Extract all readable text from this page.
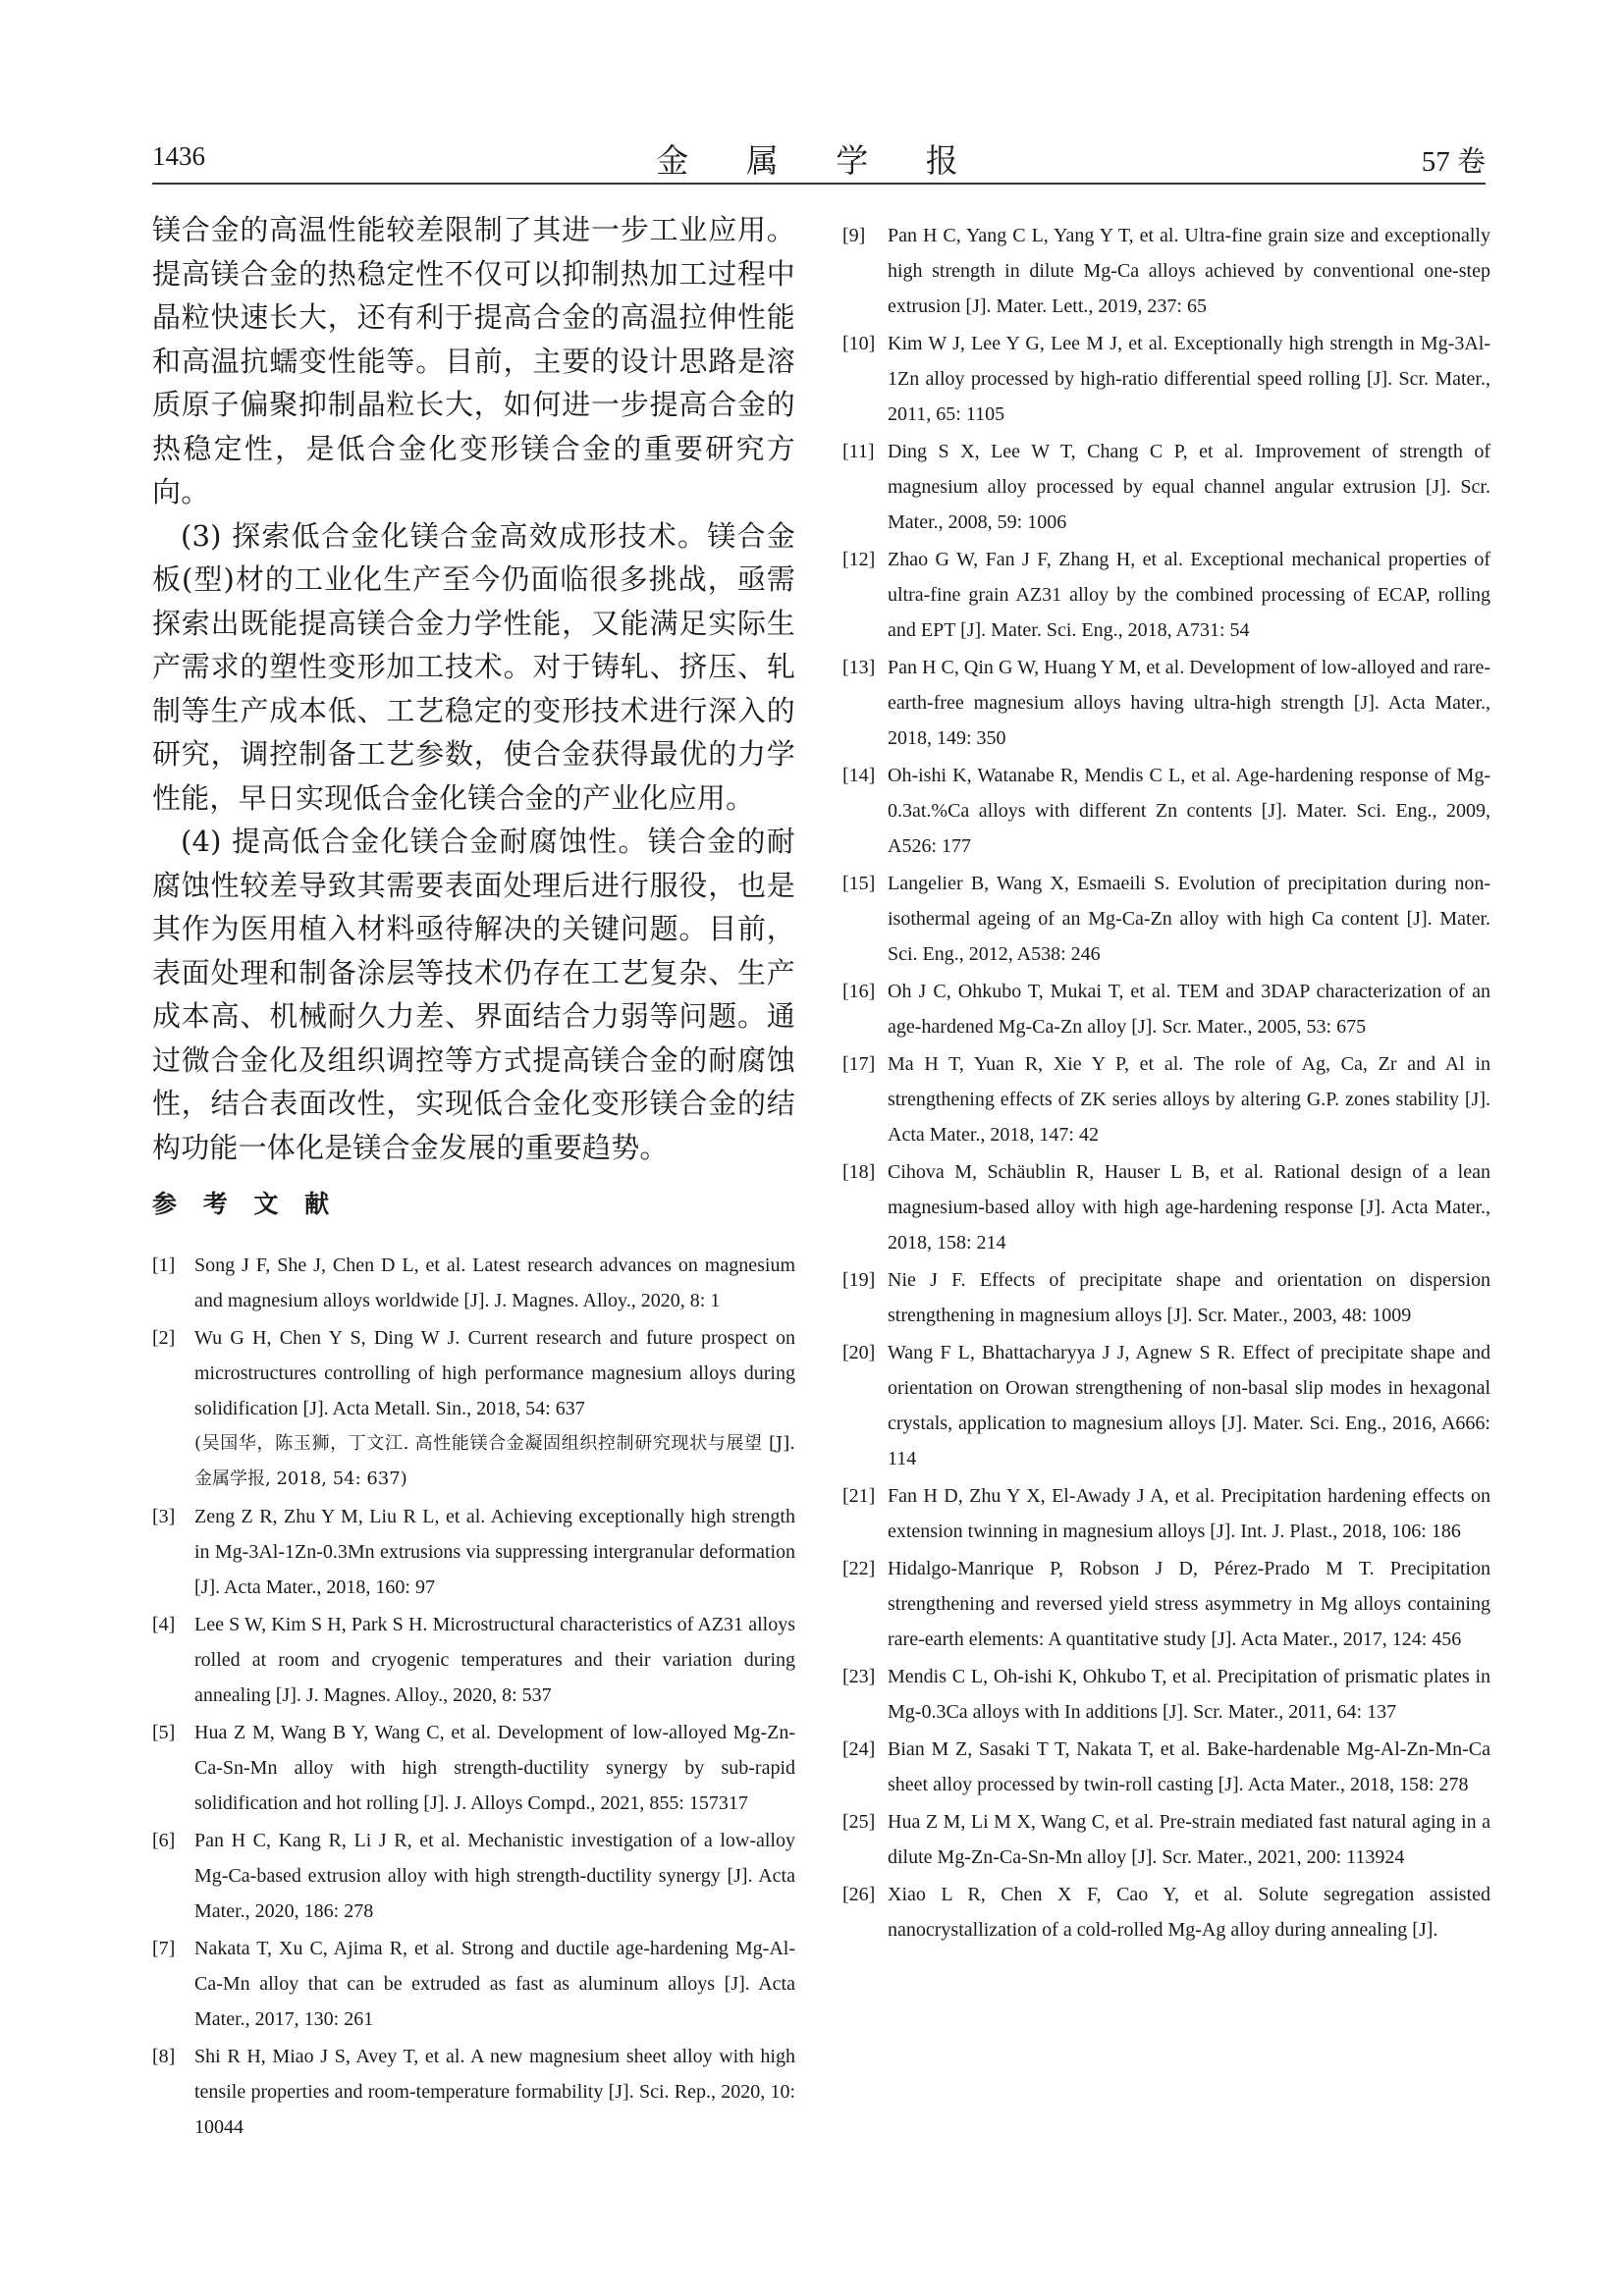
1436	金 属 学 报	57 卷

镁合金的高温性能较差限制了其进一步工业应用。提高镁合金的热稳定性不仅可以抑制热加工过程中晶粒快速长大，还有利于提高合金的高温拉伸性能和高温抗蠕变性能等。目前，主要的设计思路是溶质原子偏聚抑制晶粒长大，如何进一步提高合金的热稳定性，是低合金化变形镁合金的重要研究方向。

(3) 探索低合金化镁合金高效成形技术。镁合金板(型)材的工业化生产至今仍面临很多挑战，亟需探索出既能提高镁合金力学性能，又能满足实际生产需求的塑性变形加工技术。对于铸轧、挤压、轧制等生产成本低、工艺稳定的变形技术进行深入的研究，调控制备工艺参数，使合金获得最优的力学性能，早日实现低合金化镁合金的产业化应用。

(4) 提高低合金化镁合金耐腐蚀性。镁合金的耐腐蚀性较差导致其需要表面处理后进行服役，也是其作为医用植入材料亟待解决的关键问题。目前，表面处理和制备涂层等技术仍存在工艺复杂、生产成本高、机械耐久力差、界面结合力弱等问题。通过微合金化及组织调控等方式提高镁合金的耐腐蚀性，结合表面改性，实现低合金化变形镁合金的结构功能一体化是镁合金发展的重要趋势。

参 考 文 献
[1] Song J F, She J, Chen D L, et al. Latest research advances on magnesium and magnesium alloys worldwide [J]. J. Magnes. Alloy., 2020, 8: 1
[2] Wu G H, Chen Y S, Ding W J. Current research and future prospect on microstructures controlling of high performance magnesium alloys during solidification [J]. Acta Metall. Sin., 2018, 54: 637
(吴国华，陈玉狮，丁文江. 高性能镁合金凝固组织控制研究现状与展望 [J]. 金属学报, 2018, 54: 637)
[3] Zeng Z R, Zhu Y M, Liu R L, et al. Achieving exceptionally high strength in Mg-3Al-1Zn-0.3Mn extrusions via suppressing intergranular deformation [J]. Acta Mater., 2018, 160: 97
[4] Lee S W, Kim S H, Park S H. Microstructural characteristics of AZ31 alloys rolled at room and cryogenic temperatures and their variation during annealing [J]. J. Magnes. Alloy., 2020, 8: 537
[5] Hua Z M, Wang B Y, Wang C, et al. Development of low-alloyed Mg-Zn-Ca-Sn-Mn alloy with high strength-ductility synergy by sub-rapid solidification and hot rolling [J]. J. Alloys Compd., 2021, 855: 157317
[6] Pan H C, Kang R, Li J R, et al. Mechanistic investigation of a low-alloy Mg-Ca-based extrusion alloy with high strength-ductility synergy [J]. Acta Mater., 2020, 186: 278
[7] Nakata T, Xu C, Ajima R, et al. Strong and ductile age-hardening Mg-Al-Ca-Mn alloy that can be extruded as fast as aluminum alloys [J]. Acta Mater., 2017, 130: 261
[8] Shi R H, Miao J S, Avey T, et al. A new magnesium sheet alloy with high tensile properties and room-temperature formability [J]. Sci. Rep., 2020, 10: 10044
[9] Pan H C, Yang C L, Yang Y T, et al. Ultra-fine grain size and exceptionally high strength in dilute Mg-Ca alloys achieved by conventional one-step extrusion [J]. Mater. Lett., 2019, 237: 65
[10] Kim W J, Lee Y G, Lee M J, et al. Exceptionally high strength in Mg-3Al-1Zn alloy processed by high-ratio differential speed rolling [J]. Scr. Mater., 2011, 65: 1105
[11] Ding S X, Lee W T, Chang C P, et al. Improvement of strength of magnesium alloy processed by equal channel angular extrusion [J]. Scr. Mater., 2008, 59: 1006
[12] Zhao G W, Fan J F, Zhang H, et al. Exceptional mechanical properties of ultra-fine grain AZ31 alloy by the combined processing of ECAP, rolling and EPT [J]. Mater. Sci. Eng., 2018, A731: 54
[13] Pan H C, Qin G W, Huang Y M, et al. Development of low-alloyed and rare-earth-free magnesium alloys having ultra-high strength [J]. Acta Mater., 2018, 149: 350
[14] Oh-ishi K, Watanabe R, Mendis C L, et al. Age-hardening response of Mg-0.3at.%Ca alloys with different Zn contents [J]. Mater. Sci. Eng., 2009, A526: 177
[15] Langelier B, Wang X, Esmaeili S. Evolution of precipitation during non-isothermal ageing of an Mg-Ca-Zn alloy with high Ca content [J]. Mater. Sci. Eng., 2012, A538: 246
[16] Oh J C, Ohkubo T, Mukai T, et al. TEM and 3DAP characterization of an age-hardened Mg-Ca-Zn alloy [J]. Scr. Mater., 2005, 53: 675
[17] Ma H T, Yuan R, Xie Y P, et al. The role of Ag, Ca, Zr and Al in strengthening effects of ZK series alloys by altering G.P. zones stability [J]. Acta Mater., 2018, 147: 42
[18] Cihova M, Schäublin R, Hauser L B, et al. Rational design of a lean magnesium-based alloy with high age-hardening response [J]. Acta Mater., 2018, 158: 214
[19] Nie J F. Effects of precipitate shape and orientation on dispersion strengthening in magnesium alloys [J]. Scr. Mater., 2003, 48: 1009
[20] Wang F L, Bhattacharyya J J, Agnew S R. Effect of precipitate shape and orientation on Orowan strengthening of non-basal slip modes in hexagonal crystals, application to magnesium alloys [J]. Mater. Sci. Eng., 2016, A666: 114
[21] Fan H D, Zhu Y X, El-Awady J A, et al. Precipitation hardening effects on extension twinning in magnesium alloys [J]. Int. J. Plast., 2018, 106: 186
[22] Hidalgo-Manrique P, Robson J D, Pérez-Prado M T. Precipitation strengthening and reversed yield stress asymmetry in Mg alloys containing rare-earth elements: A quantitative study [J]. Acta Mater., 2017, 124: 456
[23] Mendis C L, Oh-ishi K, Ohkubo T, et al. Precipitation of prismatic plates in Mg-0.3Ca alloys with In additions [J]. Scr. Mater., 2011, 64: 137
[24] Bian M Z, Sasaki T T, Nakata T, et al. Bake-hardenable Mg-Al-Zn-Mn-Ca sheet alloy processed by twin-roll casting [J]. Acta Mater., 2018, 158: 278
[25] Hua Z M, Li M X, Wang C, et al. Pre-strain mediated fast natural aging in a dilute Mg-Zn-Ca-Sn-Mn alloy [J]. Scr. Mater., 2021, 200: 113924
[26] Xiao L R, Chen X F, Cao Y, et al. Solute segregation assisted nanocrystallization of a cold-rolled Mg-Ag alloy during annealing [J].
